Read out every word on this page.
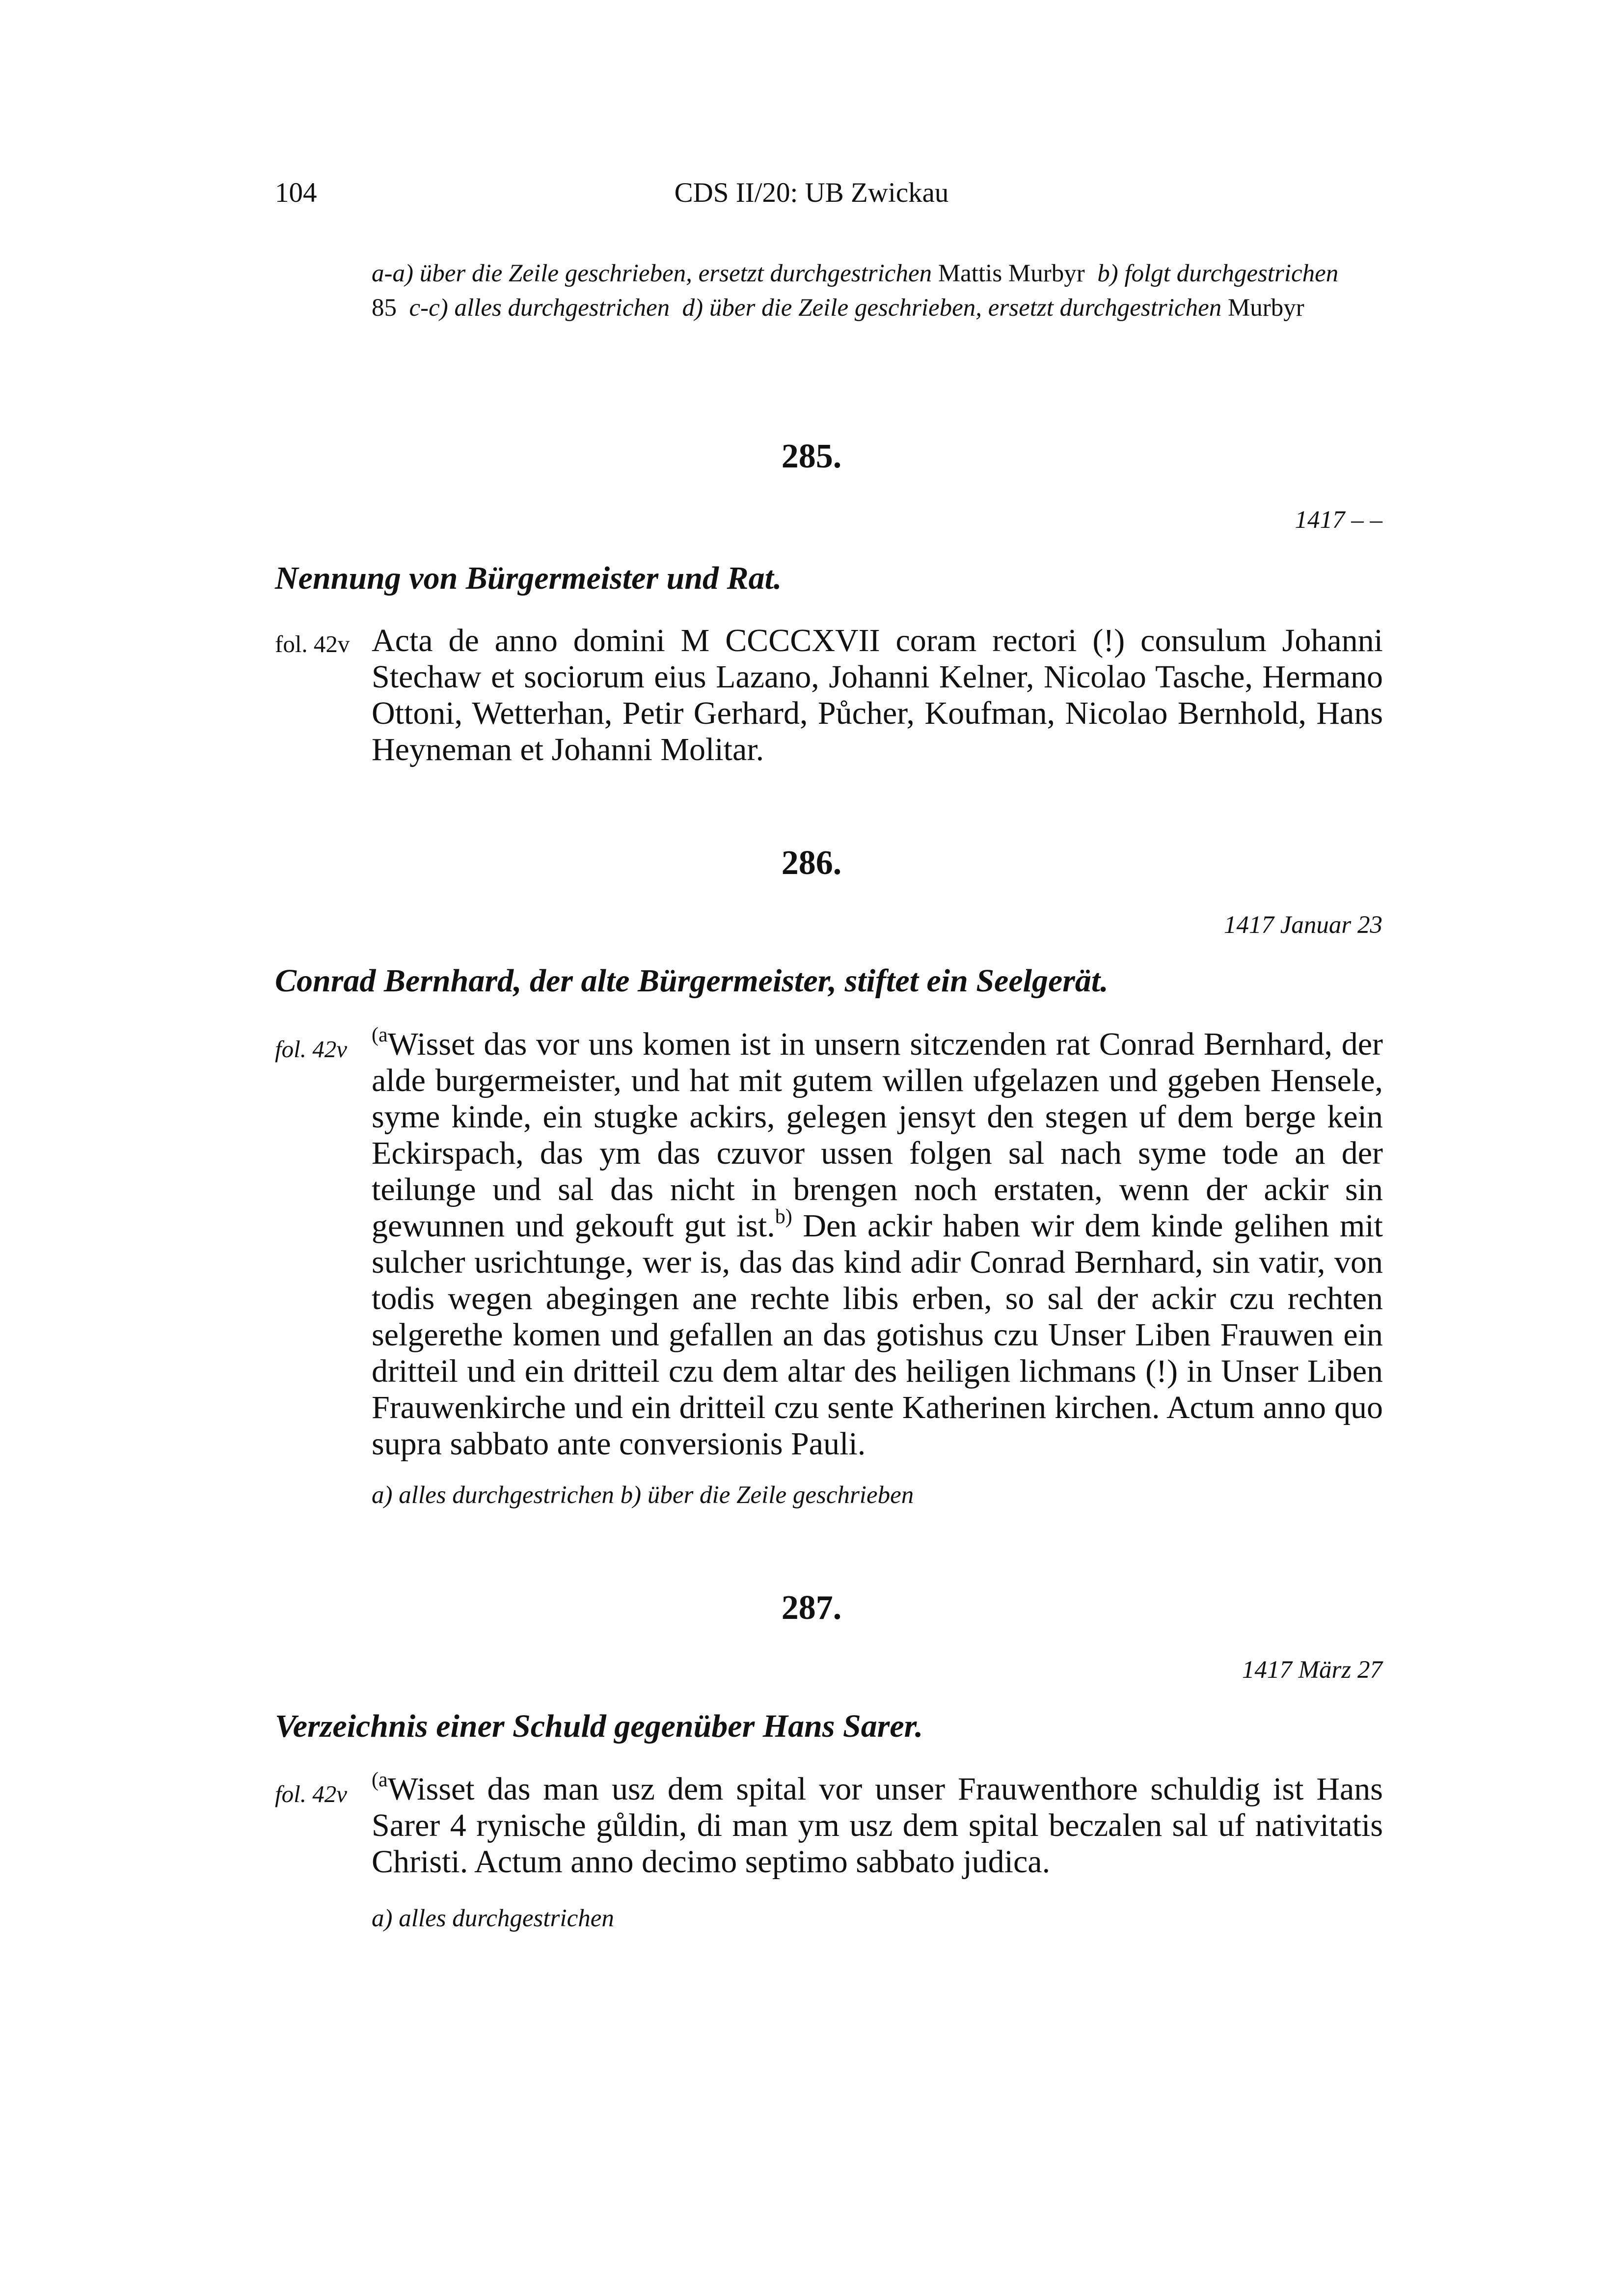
104	CDS II/20: UB Zwickau
a-a) über die Zeile geschrieben, ersetzt durchgestrichen Mattis Murbyr b) folgt durchgestrichen 85 c-c) alles durchgestrichen d) über die Zeile geschrieben, ersetzt durchgestrichen Murbyr
285.
1417 – –
Nennung von Bürgermeister und Rat.
fol. 42v Acta de anno domini M CCCCXVII coram rectori (!) consulum Johanni Stechaw et sociorum eius Lazano, Johanni Kelner, Nicolao Tasche, Hermano Ottoni, Wetterhan, Petir Gerhard, Půcher, Koufman, Nicolao Bernhold, Hans Heyneman et Johanni Molitar.
286.
1417 Januar 23
Conrad Bernhard, der alte Bürgermeister, stiftet ein Seelgerät.
fol. 42v
$^{(a}$Wisset das vor uns komen ist in unsern sitczenden rat Conrad Bernhard, der alde burgermeister, und hat mit gutem willen ufgelazen und ggeben Hensele, syme kinde, ein stugke ackirs, gelegen jensyt den stegen uf dem berge kein Eckirspach, das ym das czuvor ussen folgen sal nach syme tode an der teilunge und sal das nicht in brengen noch erstaten, wenn der ackir sin gewunnen und gekouft gut ist.$^{b)}$ Den ackir haben wir dem kinde gelihen mit sulcher usrichtunge, wer is, das das kind adir Conrad Bernhard, sin vatir, von todis wegen abegingen ane rechte libis erben, so sal der ackir czu rechten selgerethe komen und gefallen an das gotishus czu Unser Liben Frauwen ein dritteil und ein dritteil czu dem altar des heiligen lichmans (!) in Unser Liben Frauwenkirche und ein dritteil czu sente Katherinen kirchen. Actum anno quo supra sabbato ante conversionis Pauli.
a) alles durchgestrichen b) über die Zeile geschrieben
287.
1417 März 27
Verzeichnis einer Schuld gegenüber Hans Sarer.
fol. 42v
$^{(a}$Wisset das man usz dem spital vor unser Frauwenthore schuldig ist Hans Sarer 4 rynische gůldin, di man ym usz dem spital beczalen sal uf nativitatis Christi. Actum anno decimo septimo sabbato judica.
a) alles durchgestrichen
